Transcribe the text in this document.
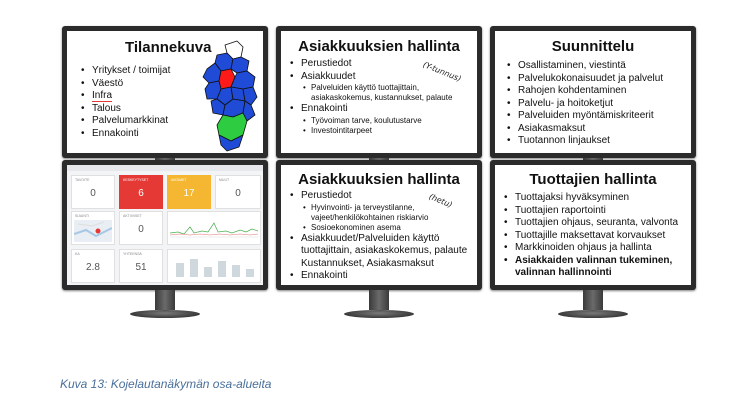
Tilannekuva
• Yritykset / toimijat
• Väestö
• Infra
• Talous
• Palvelumarkkinat
• Ennakointi
Asiakkuuksien hallinta
(Y-tunnus)
• Perustiedot
• Asiakkuudet
• Palveluiden käyttö tuottajittain, asiakaskokemus, kustannukset, palaute
• Ennakointi
• Työvoiman tarve, koulutustarve
• Investointitarpeet
Suunnittelu
• Osallistaminen, viestintä
• Palvelukokonaisuudet ja palvelut
• Rahojen kohdentaminen
• Palvelu- ja hoitoketjut
• Palveluiden myöntämiskriteerit
• Asiakasmaksut
• Tuotannon linjaukset
TAVOITE
0
KESKEYTYSET
6
AVOIMET
17
MUUT
0
SIJAINTI	AKTIIVISET
0
KA
2.8
YHTEENSÄ
51
Asiakkuuksien hallinta
(hetu)
• Perustiedot
• Hyvinvointi- ja terveystilanne, vajeet/henkilökohtainen riskiarvio
• Sosioekonominen asema
• Asiakkuudet/Palveluiden käyttö tuottajittain, asiakaskokemus, palaute Kustannukset, Asiakasmaksut
• Ennakointi
Tuottajien hallinta
• Tuottajaksi hyväksyminen
• Tuottajien raportointi
• Tuottajien ohjaus, seuranta, valvonta
• Tuottajille maksettavat korvaukset
• Markkinoiden ohjaus ja hallinta
• Asiakkaiden valinnan tukeminen, valinnan hallinnointi
Kuva 13: Kojelautanäkymän osa-alueita
